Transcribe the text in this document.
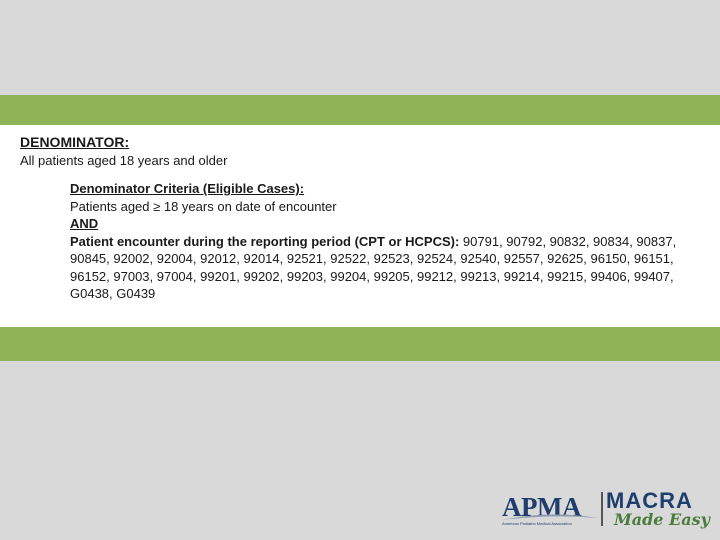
DENOMINATOR:
All patients aged 18 years and older
Denominator Criteria (Eligible Cases):
Patients aged ≥ 18 years on date of encounter
AND
Patient encounter during the reporting period (CPT or HCPCS): 90791, 90792, 90832, 90834, 90837,
90845, 92002, 92004, 92012, 92014, 92521, 92522, 92523, 92524, 92540, 92557, 92625, 96150, 96151,
96152, 97003, 97004, 99201, 99202, 99203, 99204, 99205, 99212, 99213, 99214, 99215, 99406, 99407,
G0438, G0439
APMA
American Podiatric Medical Association
MACRA
Made Easy
